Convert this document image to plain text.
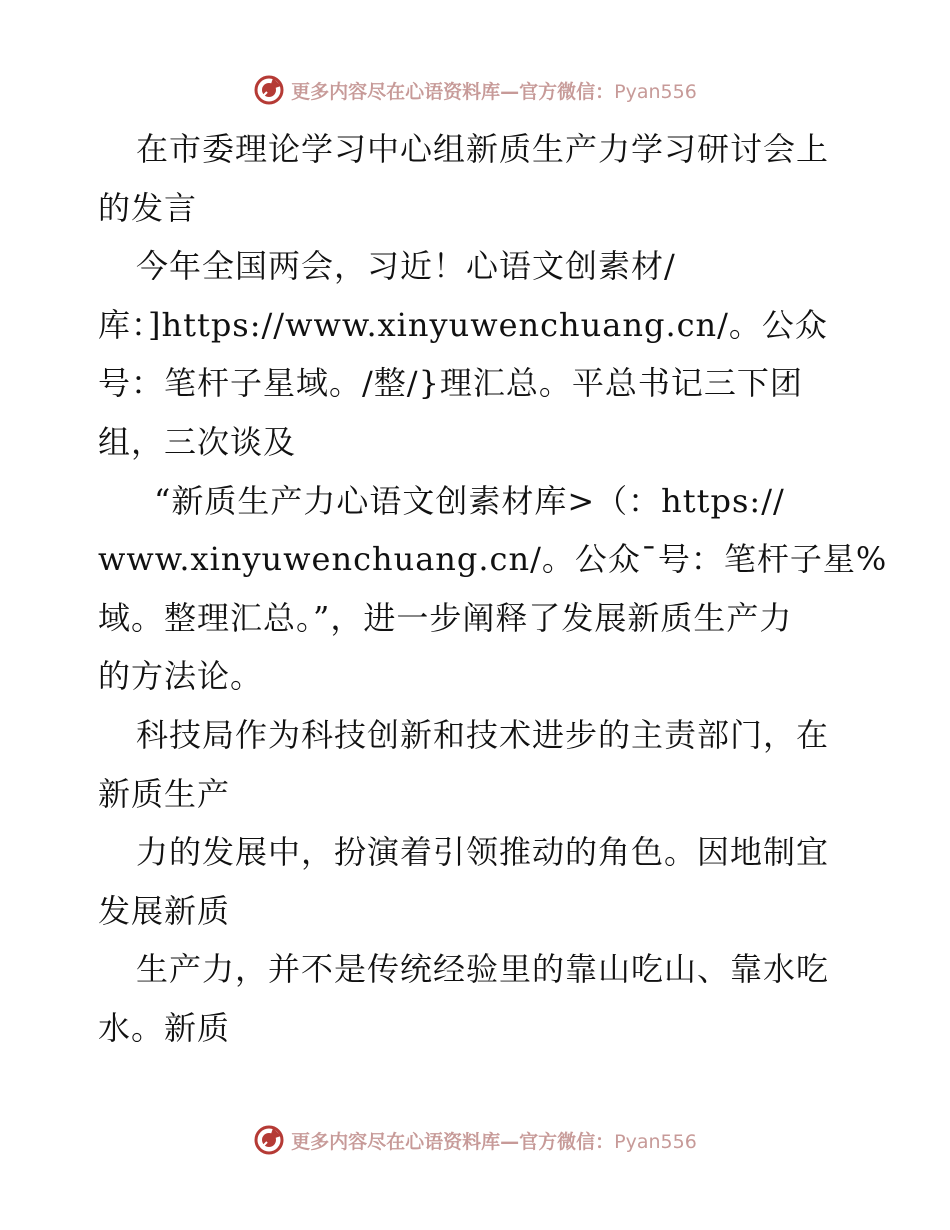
更多内容尽在心语资料库—官方微信：Pyan556
在市委理论学习中心组新质生产力学习研讨会上
的发言
今年全国两会，习近！心语文创素材/
库：]https://www.xinyuwenchuang.cn/。公众
号：笔杆子星域。/整/}理汇总。平总书记三下团
组，三次谈及
“新质生产力心语文创素材库>（：https://
www.xinyuwenchuang.cn/。公众¯号：笔杆子星%
域。整理汇总。”，进一步阐释了发展新质生产力
的方法论。
科技局作为科技创新和技术进步的主责部门，在
新质生产
力的发展中，扮演着引领推动的角色。因地制宜
发展新质
生产力，并不是传统经验里的靠山吃山、靠水吃
水。新质
更多内容尽在心语资料库—官方微信：Pyan556
